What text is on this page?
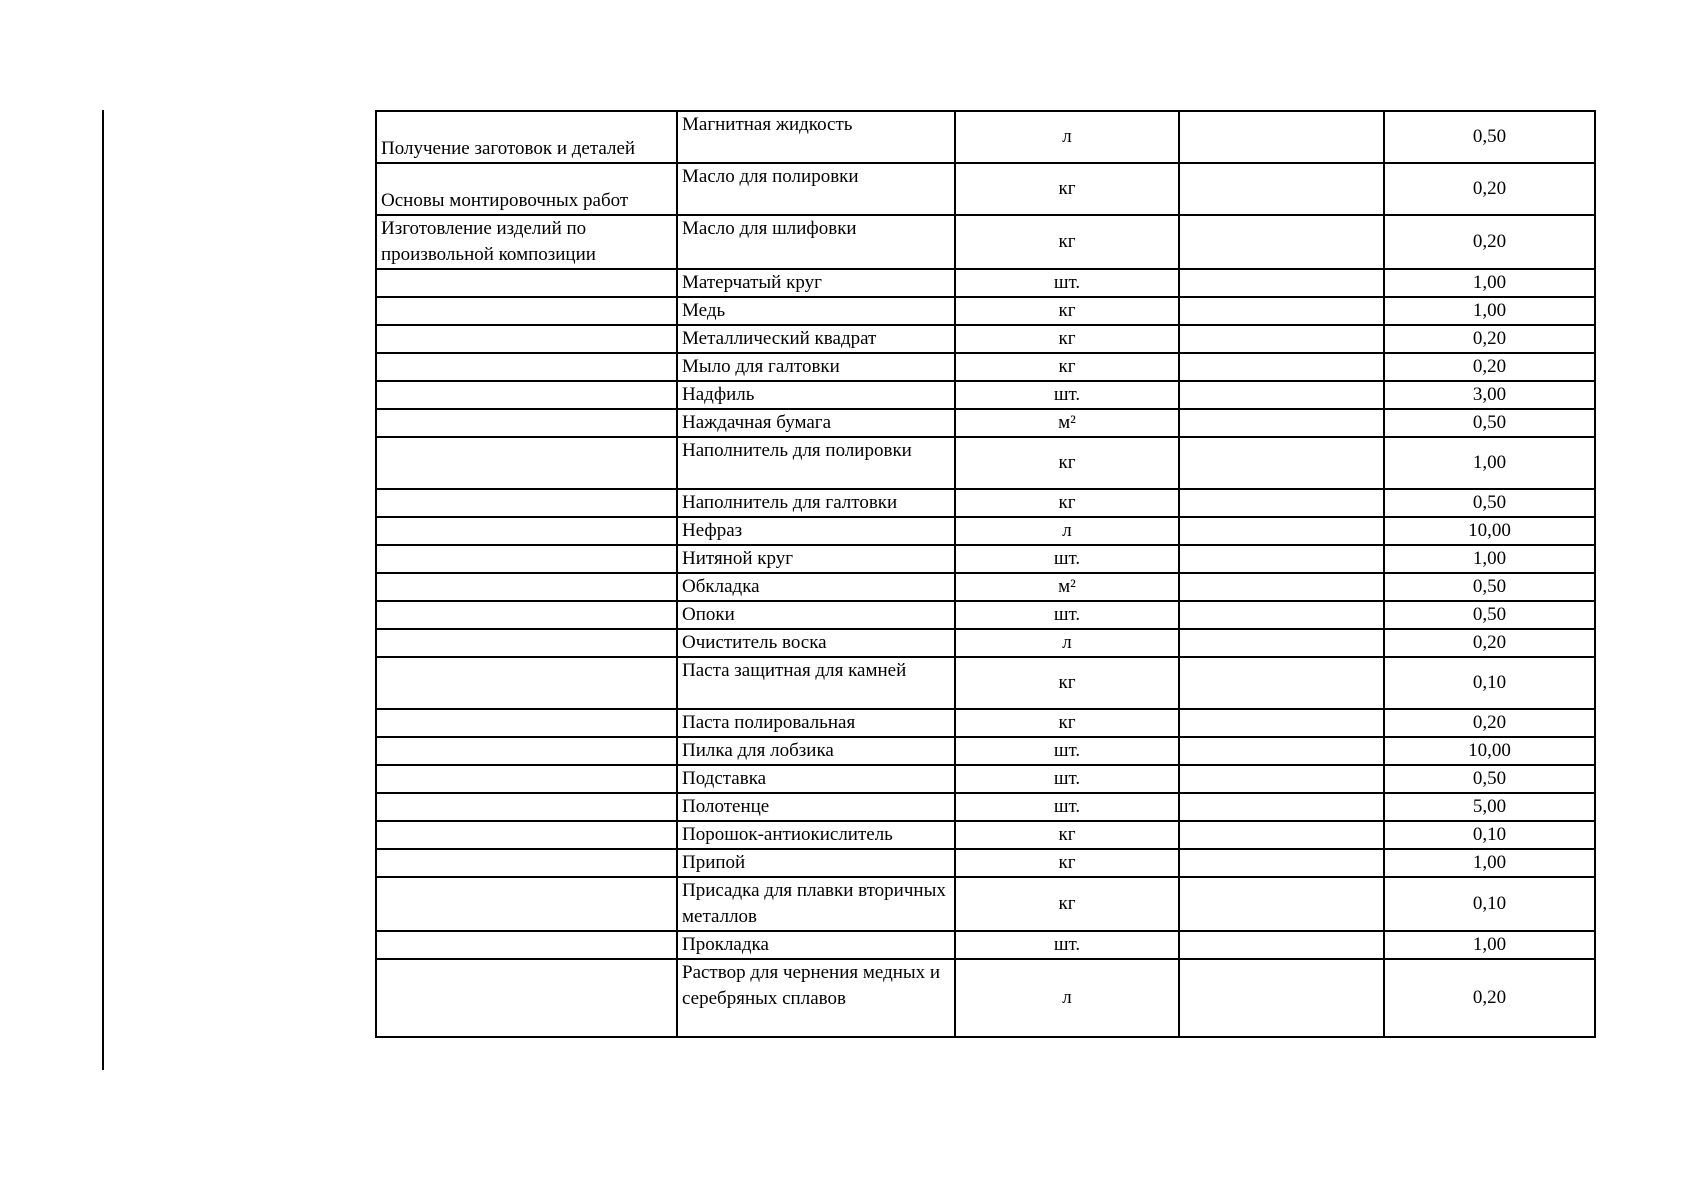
Получение заготовок и деталей	Магнитная жидкость	л		0,50
Основы монтировочных работ	Масло для полировки	кг		0,20
Изготовление изделий по произвольной композиции	Масло для шлифовки	кг		0,20
	Матерчатый круг	шт.		1,00
	Медь	кг		1,00
	Металлический квадрат	кг		0,20
	Мыло для галтовки	кг		0,20
	Надфиль	шт.		3,00
	Наждачная бумага	м²		0,50
	Наполнитель для полировки	кг		1,00
	Наполнитель для галтовки	кг		0,50
	Нефраз	л		10,00
	Нитяной круг	шт.		1,00
	Обкладка	м²		0,50
	Опоки	шт.		0,50
	Очиститель воска	л		0,20
	Паста защитная для камней	кг		0,10
	Паста полировальная	кг		0,20
	Пилка для лобзика	шт.		10,00
	Подставка	шт.		0,50
	Полотенце	шт.		5,00
	Порошок-антиокислитель	кг		0,10
	Припой	кг		1,00
	Присадка для плавки вторичных металлов	кг		0,10
	Прокладка	шт.		1,00
	Раствор для чернения медных и серебряных сплавов	л		0,20
